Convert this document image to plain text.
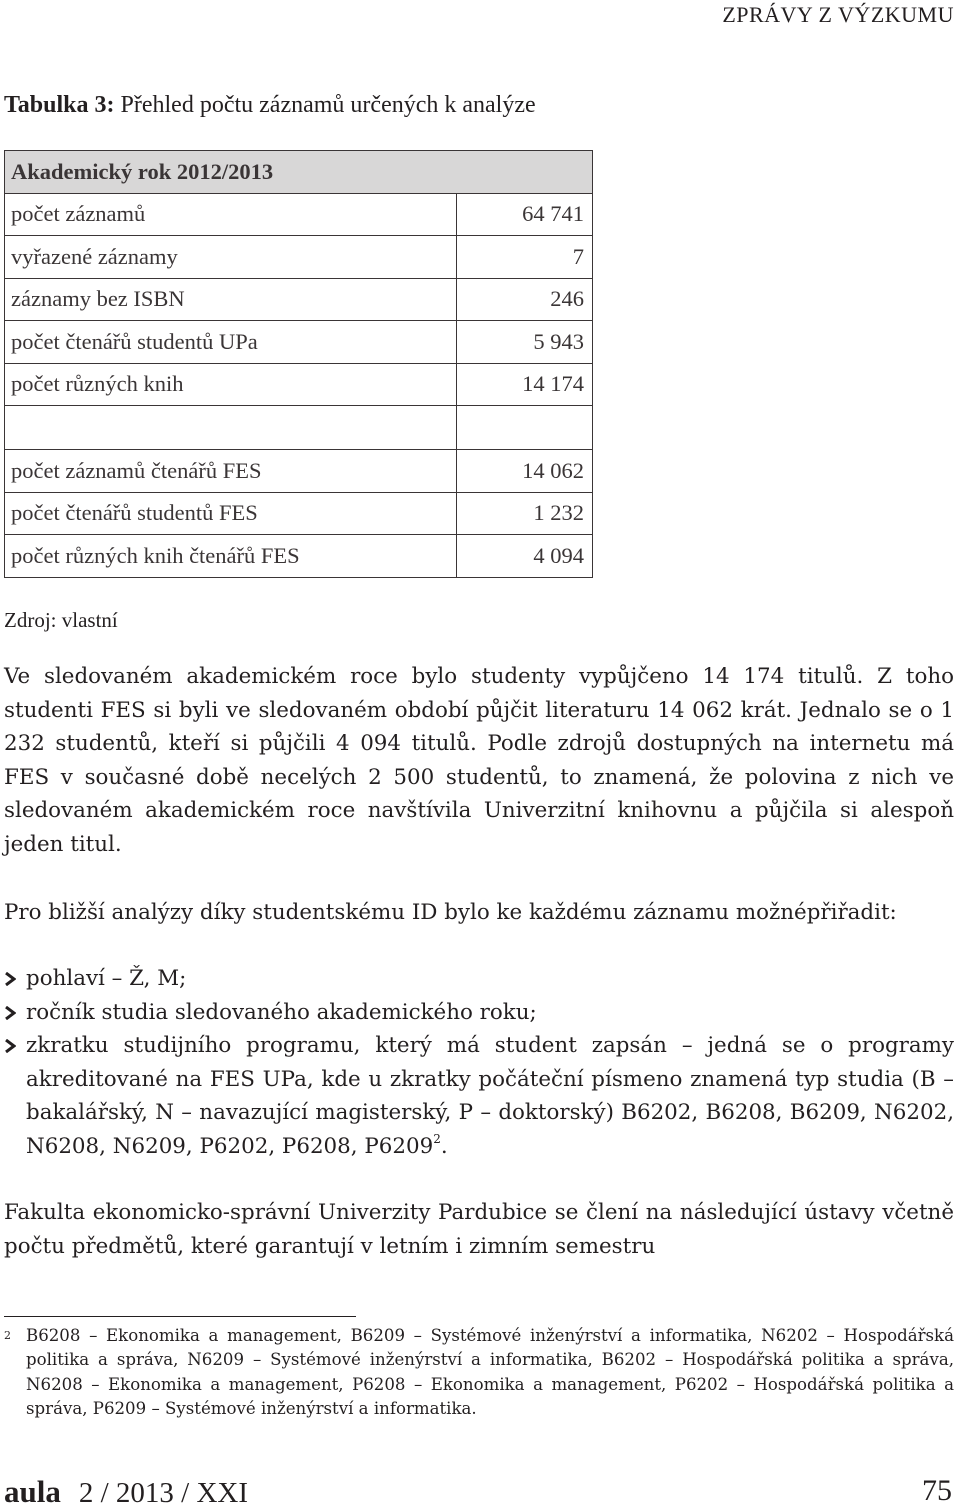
ZPRÁVY Z VÝZKUMU
Tabulka 3: Přehled počtu záznamů určených k analýze
Akademický rok 2012/2013	
počet záznamů	64 741
vyřazené záznamy	7
záznamy bez ISBN	246
počet čtenářů studentů UPa	5 943
počet různých knih	14 174

počet záznamů čtenářů FES	14 062
počet čtenářů studentů FES	1 232
počet různých knih čtenářů FES	4 094
Zdroj: vlastní
Ve sledovaném akademickém roce bylo studenty vypůjčeno 14 174 titulů. Z toho studenti FES si byli ve sledovaném období půjčit literaturu 14 062 krát. Jednalo se o 1 232 studentů, kteří si půjčili 4 094 titulů. Podle zdrojů dostupných na internetu má FES v současné době necelých 2 500 studentů, to znamená, že polovina z nich ve sledovaném akademickém roce navštívila Univerzitní knihovnu a půjčila si alespoň jeden titul.
Pro bližší analýzy díky studentskému ID bylo ke každému záznamu možnépřiřadit:
pohlaví – Ž, M;
ročník studia sledovaného akademického roku;
zkratku studijního programu, který má student zapsán – jedná se o programy akreditované na FES UPa, kde u zkratky počáteční písmeno znamená typ studia (B – bakalářský, N – navazující magisterský, P – doktorský) B6202, B6208, B6209, N6202, N6208, N6209, P6202, P6208, P6209$^2$.
Fakulta ekonomicko-správní Univerzity Pardubice se člení na následující ústavy včetně počtu předmětů, které garantují v letním i zimním semestru
2 B6208 – Ekonomika a management, B6209 – Systémové inženýrství a informatika, N6202 – Hospodářská politika a správa, N6209 – Systémové inženýrství a informatika, B6202 – Hospodářská politika a správa, N6208 – Ekonomika a management, P6208 – Ekonomika a management, P6202 – Hospodářská politika a správa, P6209 – Systémové inženýrství a informatika.
aula 2 / 2013 / XXI	75
